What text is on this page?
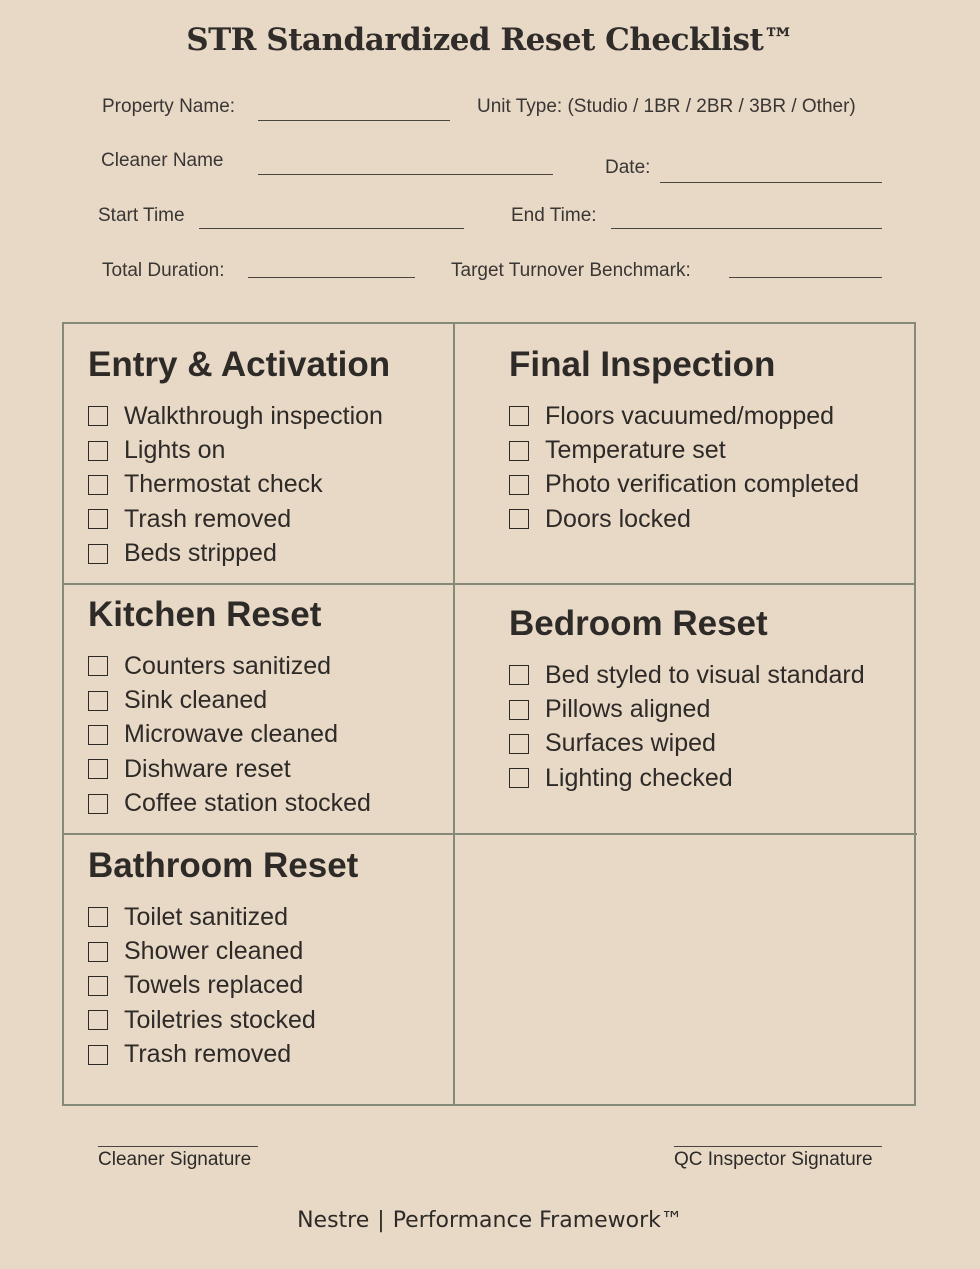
STR Standardized Reset Checklist™
Property Name:	Unit Type: (Studio / 1BR / 2BR / 3BR / Other)
Cleaner Name	Date:
Start Time	End Time:
Total Duration:	Target Turnover Benchmark:
Entry & Activation
Walkthrough inspection
Lights on
Thermostat check
Trash removed
Beds stripped
Final Inspection
Floors vacuumed/mopped
Temperature set
Photo verification completed
Doors locked
Kitchen Reset
Counters sanitized
Sink cleaned
Microwave cleaned
Dishware reset
Coffee station stocked
Bedroom Reset
Bed styled to visual standard
Pillows aligned
Surfaces wiped
Lighting checked
Bathroom Reset
Toilet sanitized
Shower cleaned
Towels replaced
Toiletries stocked
Trash removed
Cleaner Signature	QC Inspector Signature
Nestre | Performance Framework™
